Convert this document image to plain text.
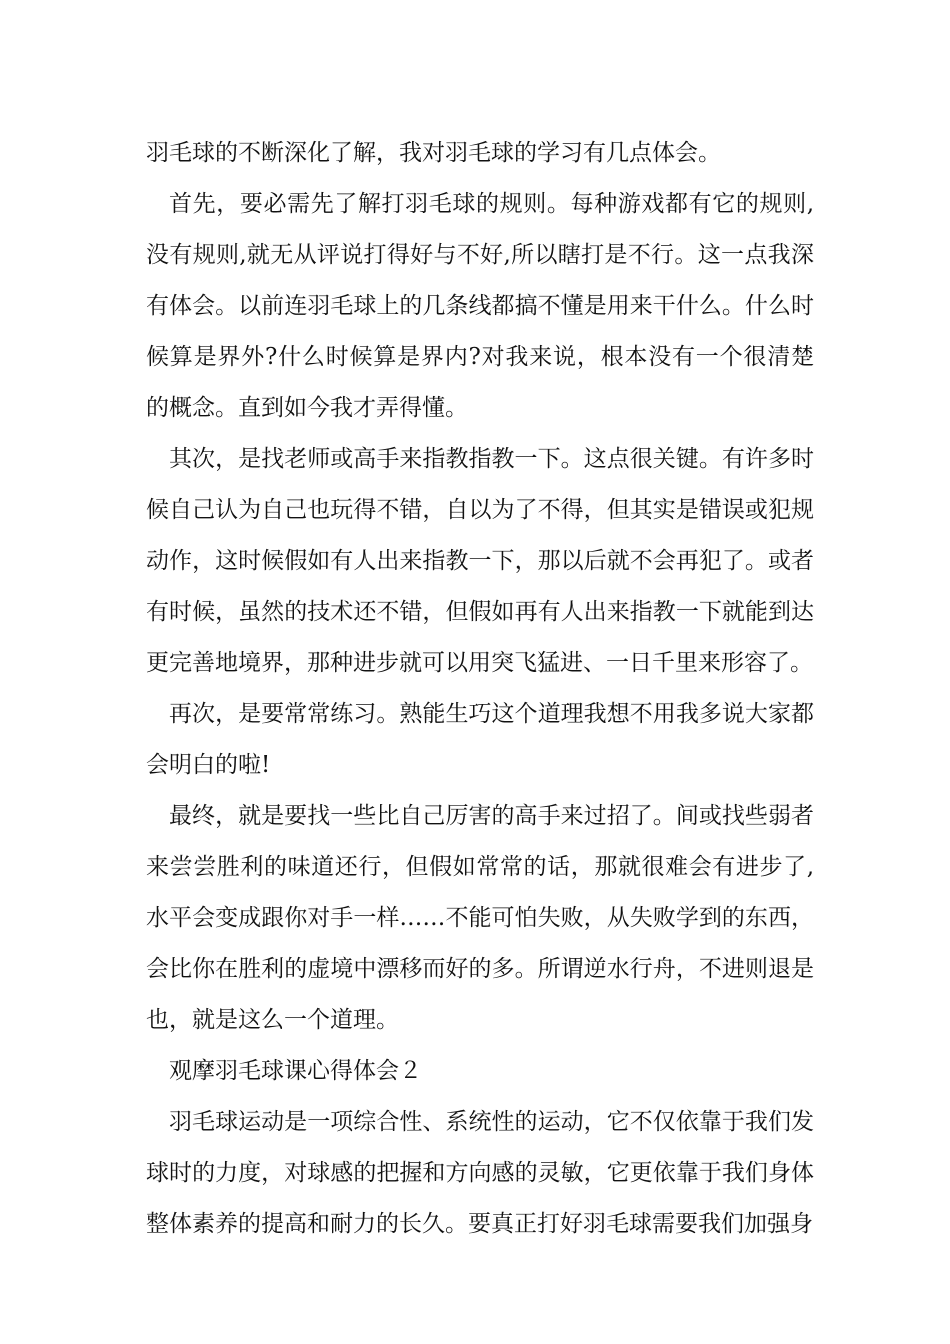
羽毛球的不断深化了解，我对羽毛球的学习有几点体会。

首先，要必需先了解打羽毛球的规则。每种游戏都有它的规则,没有规则,就无从评说打得好与不好,所以瞎打是不行。这一点我深有体会。以前连羽毛球上的几条线都搞不懂是用来干什么。什么时候算是界外?什么时候算是界内?对我来说，根本没有一个很清楚的概念。直到如今我才弄得懂。

其次，是找老师或高手来指教指教一下。这点很关键。有许多时候自己认为自己也玩得不错，自以为了不得，但其实是错误或犯规动作，这时候假如有人出来指教一下，那以后就不会再犯了。或者有时候，虽然的技术还不错，但假如再有人出来指教一下就能到达更完善地境界，那种进步就可以用突飞猛进、一日千里来形容了。

再次，是要常常练习。熟能生巧这个道理我想不用我多说大家都会明白的啦!

最终，就是要找一些比自己厉害的高手来过招了。间或找些弱者来尝尝胜利的味道还行，但假如常常的话，那就很难会有进步了,水平会变成跟你对手一样……不能可怕失败，从失败学到的东西，会比你在胜利的虚境中漂移而好的多。所谓逆水行舟，不进则退是也，就是这么一个道理。

观摩羽毛球课心得体会２

羽毛球运动是一项综合性、系统性的运动，它不仅依靠于我们发球时的力度，对球感的把握和方向感的灵敏，它更依靠于我们身体整体素养的提高和耐力的长久。要真正打好羽毛球需要我们加强身
